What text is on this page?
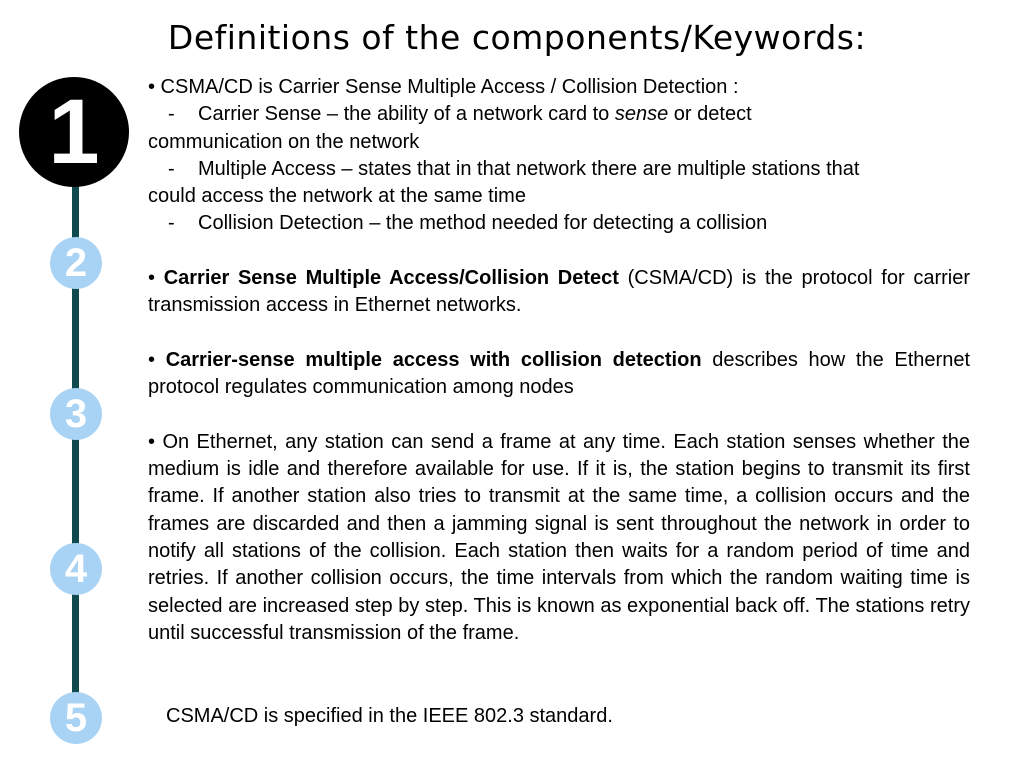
Definitions of the components/Keywords:
1
2
3
4
5

• CSMA/CD is Carrier Sense Multiple Access / Collision Detection :

- Carrier Sense – the ability of a network card to sense or detect

communication on the network

- Multiple Access – states that in that network there are multiple stations that

could access the network at the same time

- Collision Detection – the method needed for detecting a collision

• Carrier Sense Multiple Access/Collision Detect (CSMA/CD) is the protocol for carrier transmission access in Ethernet networks.

• Carrier-sense multiple access with collision detection describes how the Ethernet protocol regulates communication among nodes

• On Ethernet, any station can send a frame at any time. Each station senses whether the medium is idle and therefore available for use. If it is, the station begins to transmit its first frame. If another station also tries to transmit at the same time, a collision occurs and the frames are discarded and then a jamming signal is sent throughout the network in order to notify all stations of the collision. Each station then waits for a random period of time and retries. If another collision occurs, the time intervals from which the random waiting time is selected are increased step by step. This is known as exponential back off. The stations retry until successful transmission of the frame.

CSMA/CD is specified in the IEEE 802.3 standard.
